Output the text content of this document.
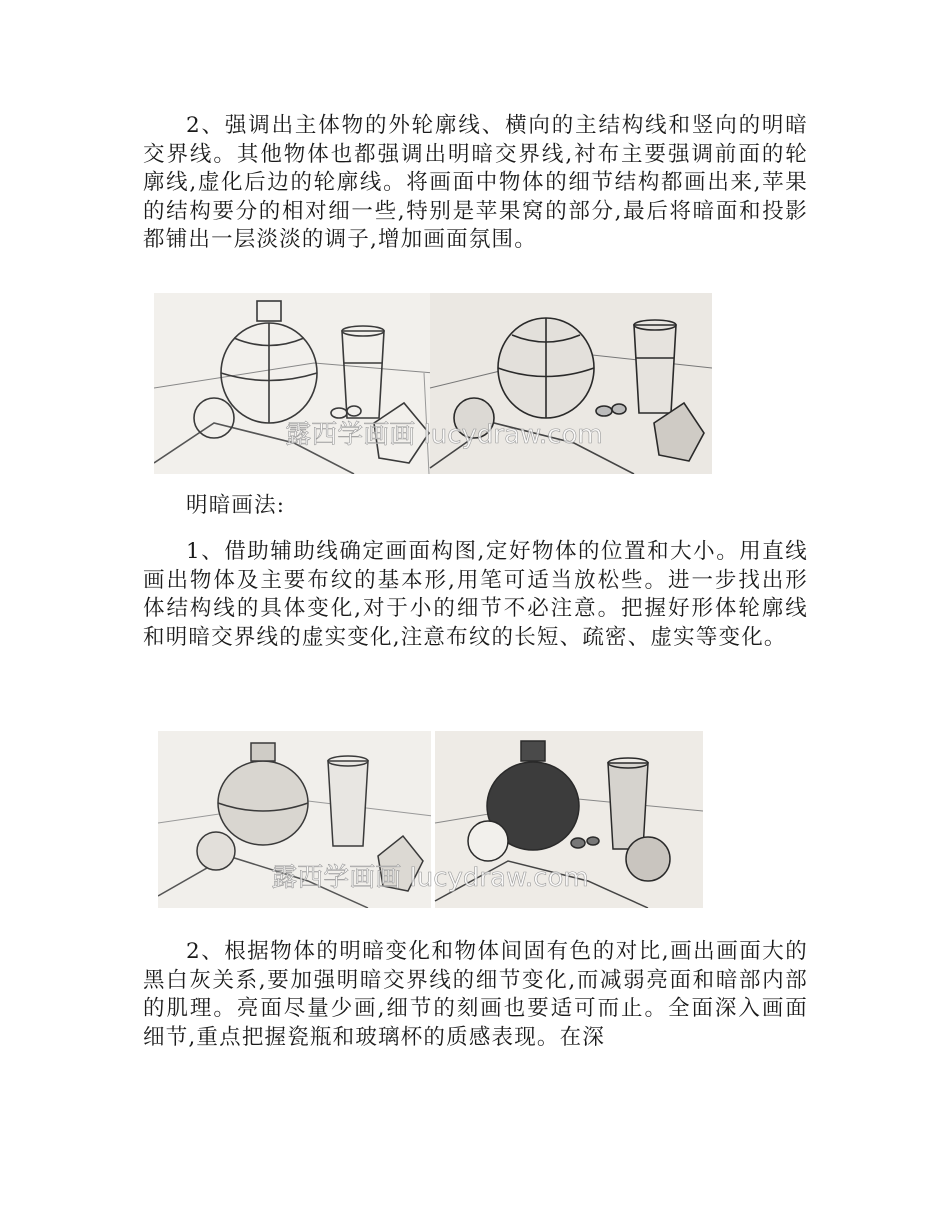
2、强调出主体物的外轮廓线、横向的主结构线和竖向的明暗交界线。其他物体也都强调出明暗交界线,衬布主要强调前面的轮廓线,虚化后边的轮廓线。将画面中物体的细节结构都画出来,苹果的结构要分的相对细一些,特别是苹果窝的部分,最后将暗面和投影都铺出一层淡淡的调子,增加画面氛围。

露西学画画 lucydraw.com

明暗画法:

1、借助辅助线确定画面构图,定好物体的位置和大小。用直线画出物体及主要布纹的基本形,用笔可适当放松些。进一步找出形体结构线的具体变化,对于小的细节不必注意。把握好形体轮廓线和明暗交界线的虚实变化,注意布纹的长短、疏密、虚实等变化。

露西学画画 lucydraw.com

2、根据物体的明暗变化和物体间固有色的对比,画出画面大的黑白灰关系,要加强明暗交界线的细节变化,而减弱亮面和暗部内部的肌理。亮面尽量少画,细节的刻画也要适可而止。全面深入画面细节,重点把握瓷瓶和玻璃杯的质感表现。在深
